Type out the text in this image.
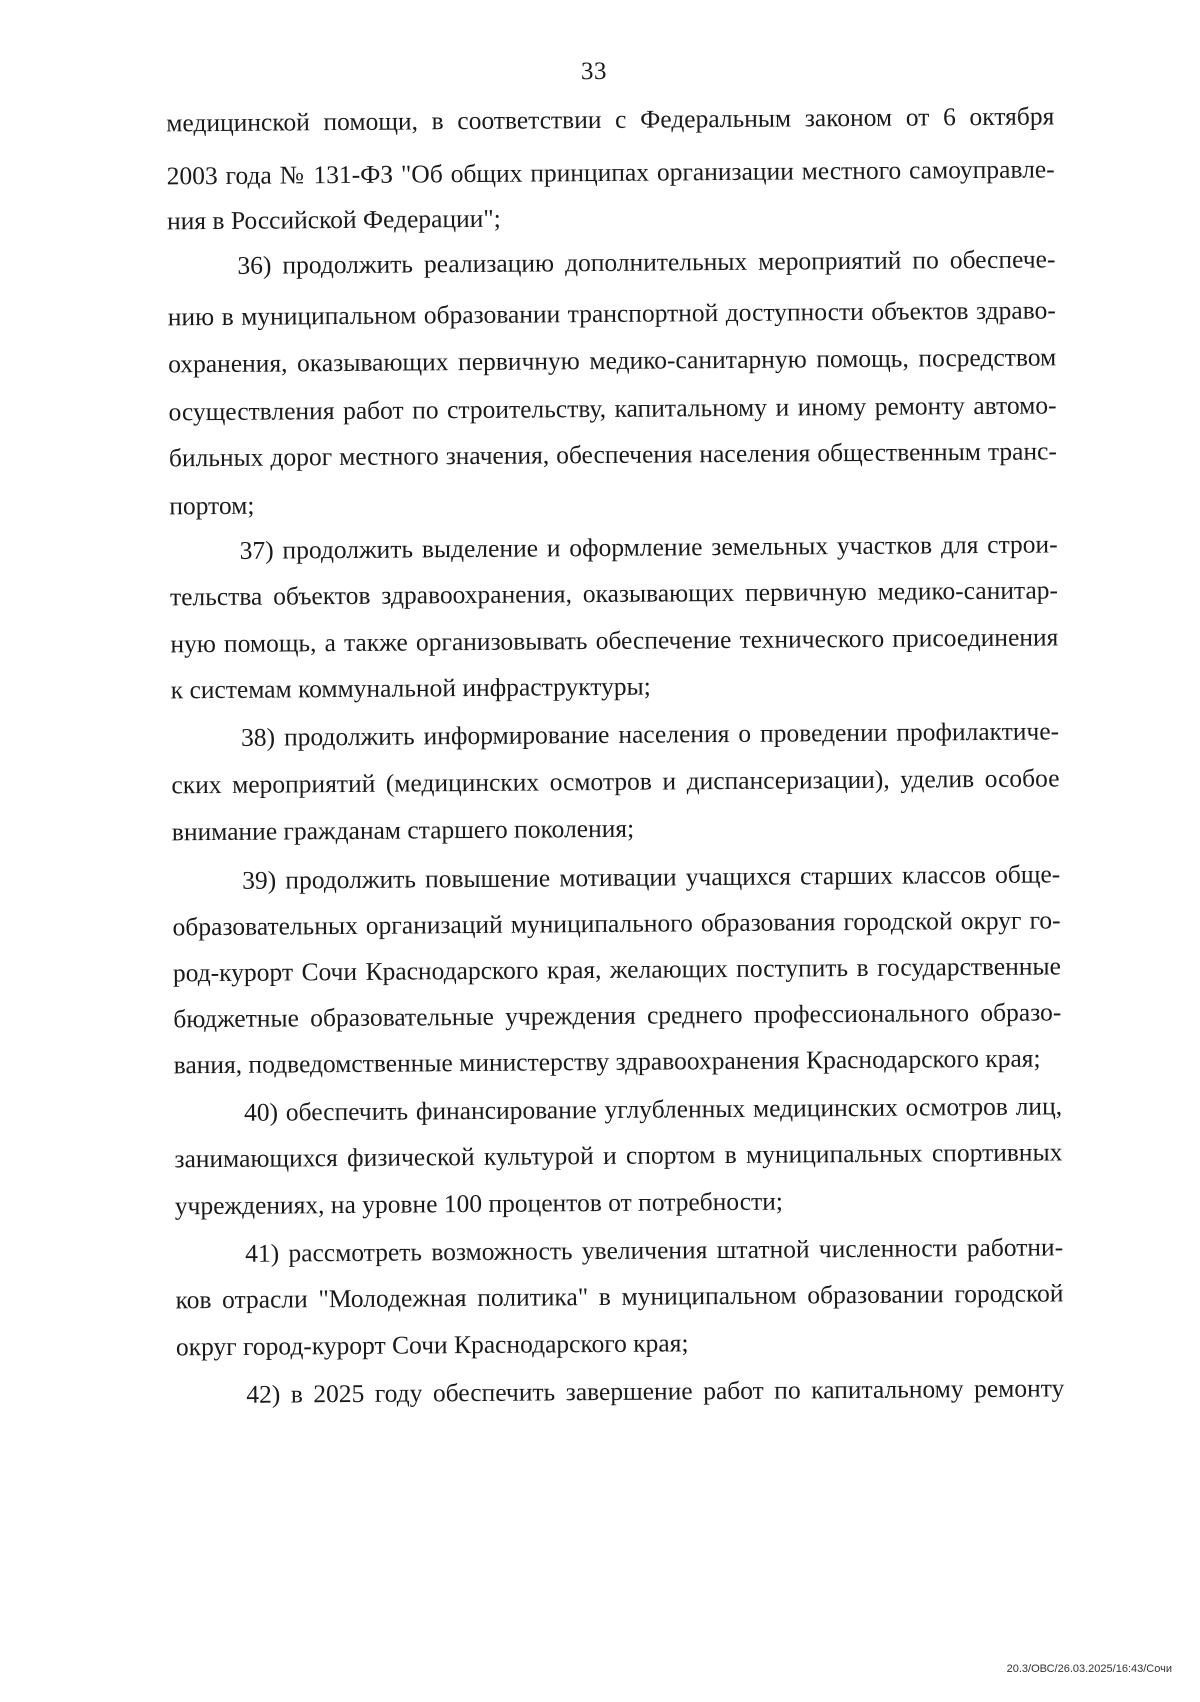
33
медицинской помощи, в соответствии с Федеральным законом от 6 октября
2003 года № 131-ФЗ "Об общих принципах организации местного самоуправле-
ния в Российской Федерации";
36) продолжить реализацию дополнительных мероприятий по обеспече-
нию в муниципальном образовании транспортной доступности объектов здраво-
охранения, оказывающих первичную медико-санитарную помощь, посредством
осуществления работ по строительству, капитальному и иному ремонту автомо-
бильных дорог местного значения, обеспечения населения общественным транс-
портом;
37) продолжить выделение и оформление земельных участков для строи-
тельства объектов здравоохранения, оказывающих первичную медико-санитар-
ную помощь, а также организовывать обеспечение технического присоединения
к системам коммунальной инфраструктуры;
38) продолжить информирование населения о проведении профилактиче-
ских мероприятий (медицинских осмотров и диспансеризации), уделив особое
внимание гражданам старшего поколения;
39) продолжить повышение мотивации учащихся старших классов обще-
образовательных организаций муниципального образования городской округ го-
род-курорт Сочи Краснодарского края, желающих поступить в государственные
бюджетные образовательные учреждения среднего профессионального образо-
вания, подведомственные министерству здравоохранения Краснодарского края;
40) обеспечить финансирование углубленных медицинских осмотров лиц,
занимающихся физической культурой и спортом в муниципальных спортивных
учреждениях, на уровне 100 процентов от потребности;
41) рассмотреть возможность увеличения штатной численности работни-
ков отрасли "Молодежная политика" в муниципальном образовании городской
округ город-курорт Сочи Краснодарского края;
42) в 2025 году обеспечить завершение работ по капитальному ремонту
20.3/ОВС/26.03.2025/16:43/Сочи
